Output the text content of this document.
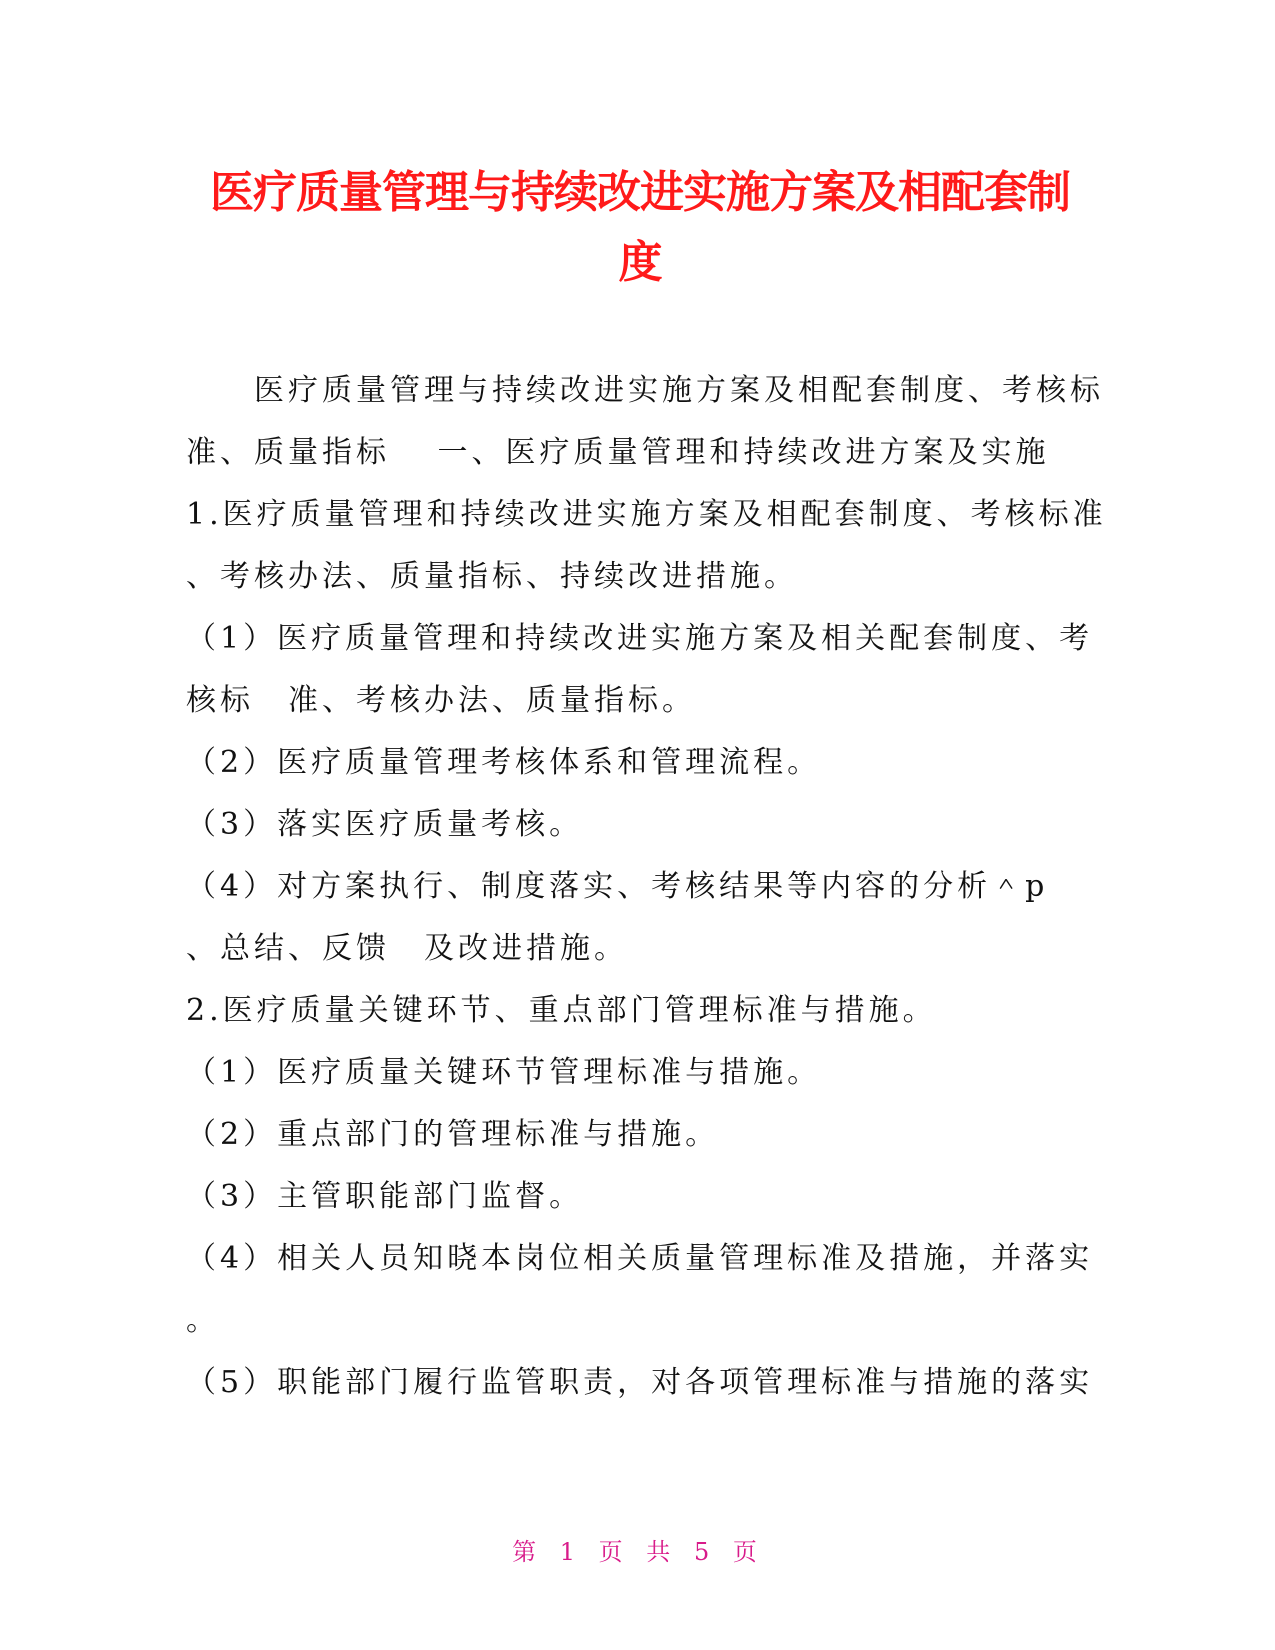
医疗质量管理与持续改进实施方案及相配套制
度
　　医疗质量管理与持续改进实施方案及相配套制度、考核标
准、质量指标　 一、医疗质量管理和持续改进方案及实施
1.医疗质量管理和持续改进实施方案及相配套制度、考核标准
、考核办法、质量指标、持续改进措施。
（1）医疗质量管理和持续改进实施方案及相关配套制度、考
核标　准、考核办法、质量指标。
（2）医疗质量管理考核体系和管理流程。
（3）落实医疗质量考核。
（4）对方案执行、制度落实、考核结果等内容的分析＾p
、总结、反馈　及改进措施。
2.医疗质量关键环节、重点部门管理标准与措施。
（1）医疗质量关键环节管理标准与措施。
（2）重点部门的管理标准与措施。
（3）主管职能部门监督。
（4）相关人员知晓本岗位相关质量管理标准及措施，并落实
。
（5）职能部门履行监管职责，对各项管理标准与措施的落实
第 1 页 共 5 页
